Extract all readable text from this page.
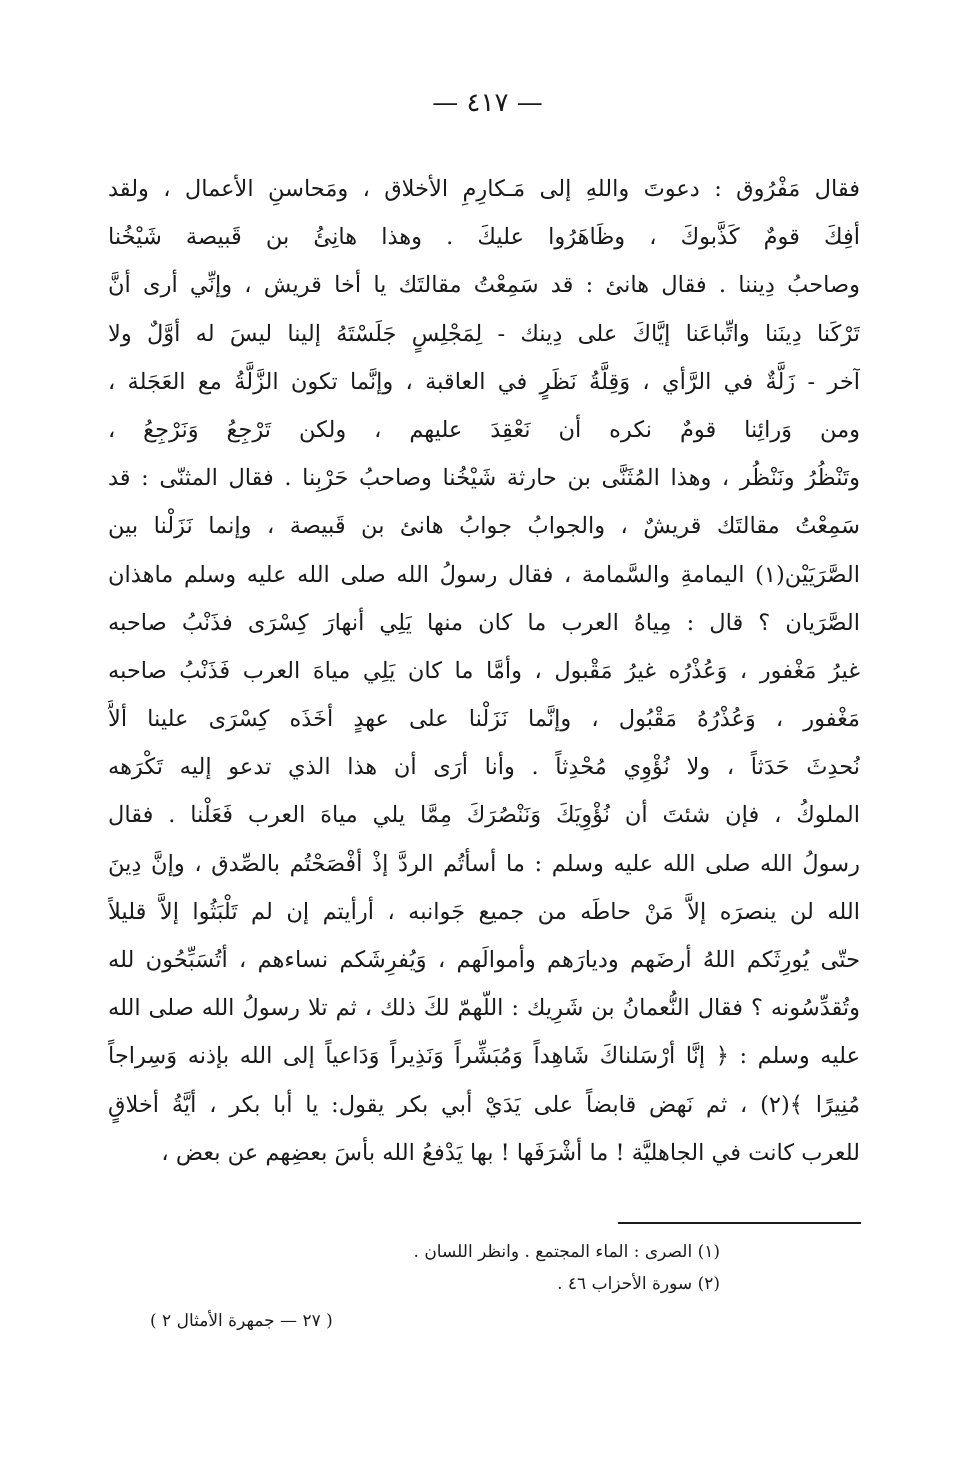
— ٤١٧ —
فقال مَفْرُوق : دعوتَ واللهِ إلى مَـكارِمِ الأخلاق ، ومَحاسنِ الأعمال ، ولقد
أفِكَ قومٌ كَذَّبوكَ ، وظَاهَرُوا عليكَ . وهذا هانِئُ بن قَبيصة شَيْخُنا
وصاحبُ دِيننا . فقال هانئ : قد سَمِعْتُ مقالتَك يا أخا قريش ، وإنِّي أرى أنَّ
تَرْكَنا دِينَنا واتِّباعَنا إيَّاكَ على دِينك - لِمَجْلِسٍ جَلَسْتَهُ إلينا ليسَ له أوَّلٌ ولا
آخر - زَلَّةٌ في الرَّأي ، وَقِلَّةُ نَظَرٍ في العاقبة ، وإنَّما تكون الزَّلَّةُ مع العَجَلة ،
ومن وَرائِنا قومٌ نكره أن نَعْقِدَ عليهم ، ولكن تَرْجِعُ وَنَرْجِعُ ،
وتَنْظُرُ ونَنْظُر ، وهذا المُثَنَّى بن حارثة شَيْخُنا وصاحبُ حَرْبِنا . فقال المثنّى : قد
سَمِعْتُ مقالتَك قريشٌ ، والجوابُ جوابُ هانئ بن قَبيصة ، وإنما نَزَلْنا بين
الصَّرَيَيْن(١) اليمامةِ والسَّمامة ، فقال رسولُ الله صلى الله عليه وسلم ماهذان
الصَّرَيان ؟ قال : مِياهُ العرب ما كان منها يَلِي أنهارَ كِسْرَى فذَنْبُ صاحبه
غيرُ مَغْفور ، وَعُذْرُه غيرُ مَقْبول ، وأمَّا ما كان يَلِي مياهَ العرب فَذَنْبُ صاحبه
مَغْفور ، وَعُذْرُهُ مَقْبُول ، وإنَّما نَزَلْنا على عهدٍ أخَذَه كِسْرَى علينا ألاَّ
نُحدِثَ حَدَثاً ، ولا نُؤْوِي مُحْدِثاً . وأنا أرَى أن هذا الذي تدعو إليه تَكْرَهه
الملوكُ ، فإن شئتَ أن نُؤْوِيَكَ وَنَنْصُرَكَ مِمَّا يلي مياهَ العرب فَعَلْنا . فقال
رسولُ الله صلى الله عليه وسلم : ما أسأتُم الردَّ إذْ أفْصَحْتُم بالصِّدق ، وإنَّ دِينَ
الله لن ينصرَه إلاَّ مَنْ حاطَه من جميع جَوانبه ، أرأيتم إن لم تَلْبَثُوا إلاَّ قليلاً
حتّى يُورِثَكم اللهُ أرضَهم وديارَهم وأموالَهم ، وَيُفرِشَكم نساءهم ، أتُسَبِّحُون لله
وتُقدِّسُونه ؟ فقال النُّعمانُ بن شَرِيك : اللّهمّ لكَ ذلك ، ثم تلا رسولُ الله صلى الله
عليه وسلم : ﴿ إنَّا أرْسَلناكَ شَاهِداً وَمُبَشِّراً وَنَذِيراً وَدَاعياً إلى الله بإذنه وَسِراجاً
مُنِيرًا ﴾(٢) ، ثم نَهض قابضاً على يَدَيْ أبي بكر يقول: يا أبا بكر ، أيَّةُ أخلاقٍ
للعرب كانت في الجاهليَّة ! ما أشْرَفَها ! بها يَدْفعُ الله بأسَ بعضِهم عن بعض ،
(١) الصرى : الماء المجتمع . وانظر اللسان .
(٢) سورة الأحزاب ٤٦ .
( ٢٧ — جمهرة الأمثال ٢ )
